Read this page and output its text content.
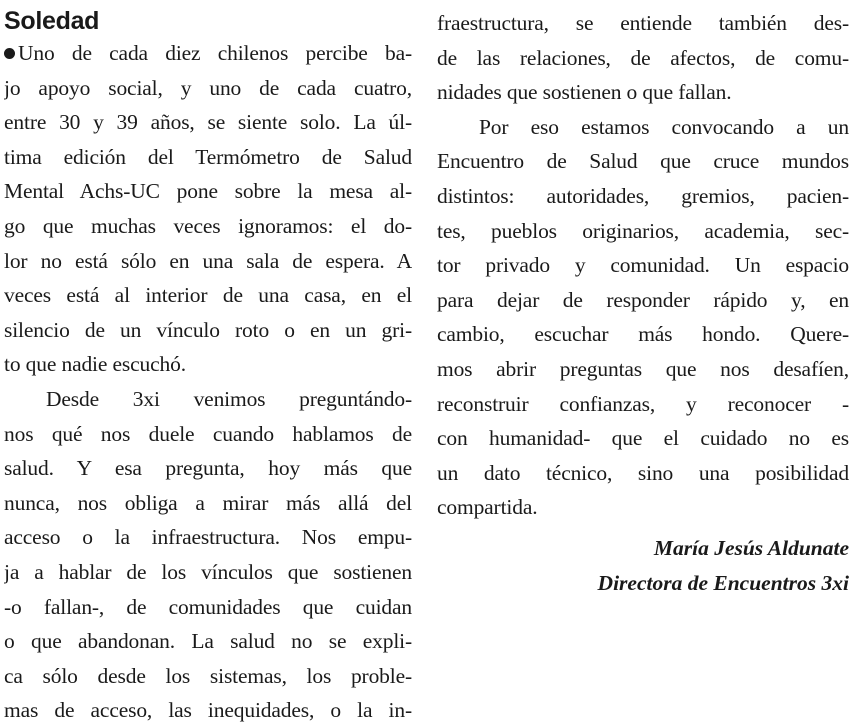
Soledad
Uno de cada diez chilenos percibe ba-
jo apoyo social, y uno de cada cuatro,
entre 30 y 39 años, se siente solo. La úl-
tima edición del Termómetro de Salud
Mental Achs-UC pone sobre la mesa al-
go que muchas veces ignoramos: el do-
lor no está sólo en una sala de espera. A
veces está al interior de una casa, en el
silencio de un vínculo roto o en un gri-
to que nadie escuchó.
Desde 3xi venimos preguntándo-
nos qué nos duele cuando hablamos de
salud. Y esa pregunta, hoy más que
nunca, nos obliga a mirar más allá del
acceso o la infraestructura. Nos empu-
ja a hablar de los vínculos que sostienen
-o fallan-, de comunidades que cuidan
o que abandonan. La salud no se expli-
ca sólo desde los sistemas, los proble-
mas de acceso, las inequidades, o la in-
fraestructura, se entiende también des-
de las relaciones, de afectos, de comu-
nidades que sostienen o que fallan.
Por eso estamos convocando a un
Encuentro de Salud que cruce mundos
distintos: autoridades, gremios, pacien-
tes, pueblos originarios, academia, sec-
tor privado y comunidad. Un espacio
para dejar de responder rápido y, en
cambio, escuchar más hondo. Quere-
mos abrir preguntas que nos desafíen,
reconstruir confianzas, y reconocer -
con humanidad- que el cuidado no es
un dato técnico, sino una posibilidad
compartida.
María Jesús Aldunate
Directora de Encuentros 3xi
